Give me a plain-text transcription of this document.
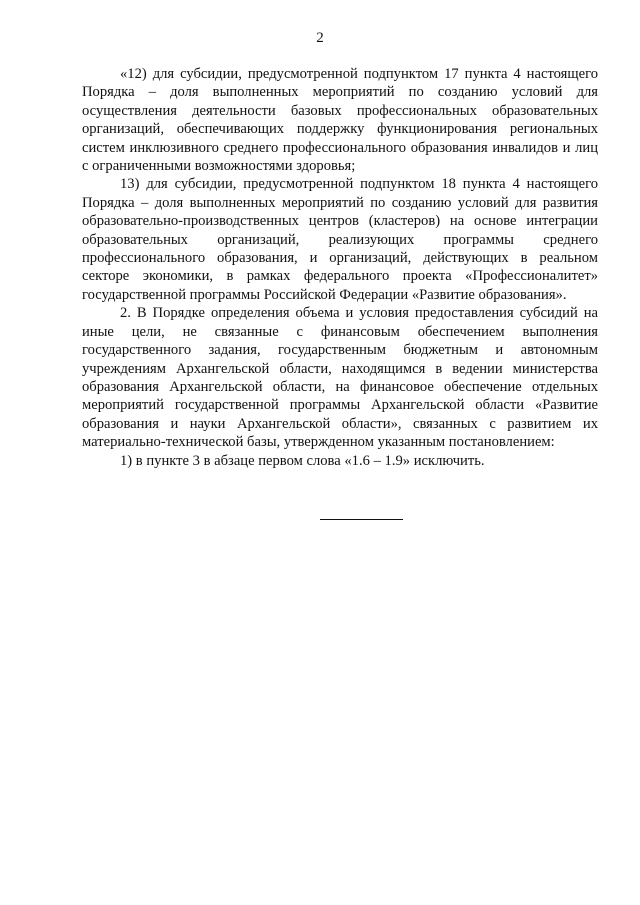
2

«12) для субсидии, предусмотренной подпунктом 17 пункта 4 настоящего Порядка – доля выполненных мероприятий по созданию условий для осуществления деятельности базовых профессиональных образовательных организаций, обеспечивающих поддержку функционирования региональных систем инклюзивного среднего профессионального образования инвалидов и лиц с ограниченными возможностями здоровья;

13) для субсидии, предусмотренной подпунктом 18 пункта 4 настоящего Порядка – доля выполненных мероприятий по созданию условий для развития образовательно-производственных центров (кластеров) на основе интеграции образовательных организаций, реализующих программы среднего профессионального образования, и организаций, действующих в реальном секторе экономики, в рамках федерального проекта «Профессионалитет» государственной программы Российской Федерации «Развитие образования».

2. В Порядке определения объема и условия предоставления субсидий на иные цели, не связанные с финансовым обеспечением выполнения государственного задания, государственным бюджетным и автономным учреждениям Архангельской области, находящимся в ведении министерства образования Архангельской области, на финансовое обеспечение отдельных мероприятий государственной программы Архангельской области «Развитие образования и науки Архангельской области», связанных с развитием их материально-технической базы, утвержденном указанным постановлением:

1) в пункте 3 в абзаце первом слова «1.6 – 1.9» исключить.
